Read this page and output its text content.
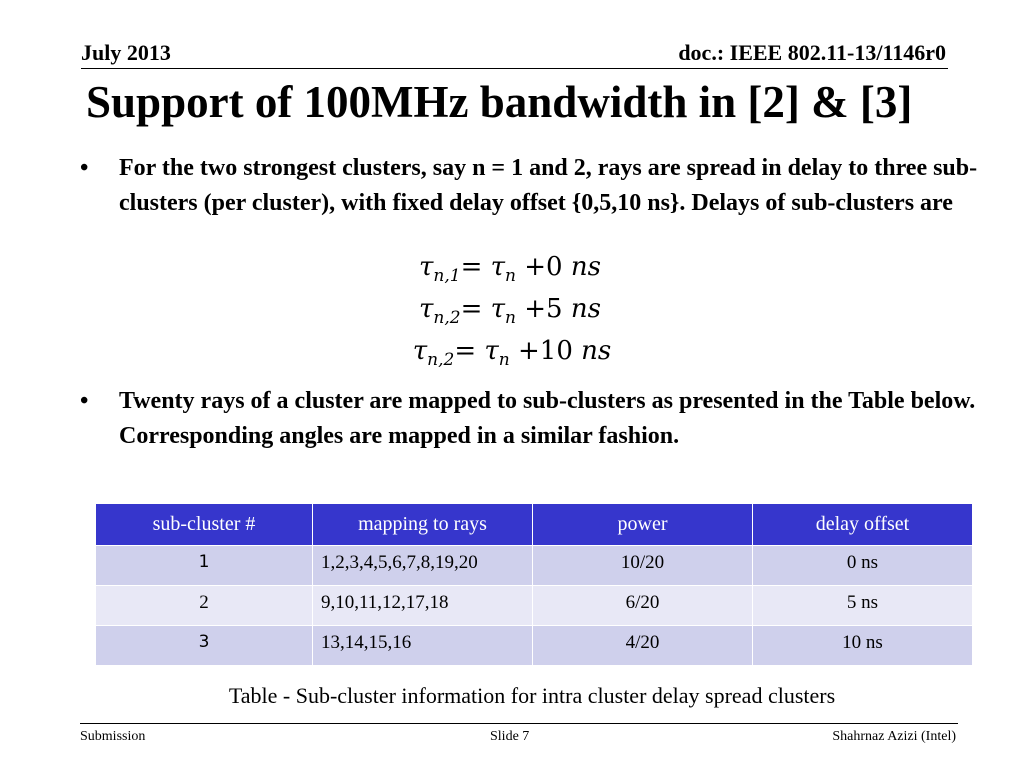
July 2013	doc.: IEEE 802.11-13/1146r0
Support of 100MHz bandwidth in [2] & [3]
• For the two strongest clusters, say n = 1 and 2, rays are spread in delay to three sub-clusters (per cluster), with fixed delay offset {0,5,10 ns}. Delays of sub-clusters are
$\tau_{n,1}= \tau_n +0$ ns
$\tau_{n,2}= \tau_n +5$ ns
$\tau_{n,2}= \tau_n +10$ ns
• Twenty rays of a cluster are mapped to sub-clusters as presented in the Table below. Corresponding angles are mapped in a similar fashion.
sub-cluster #	mapping to rays	power	delay offset
1	1,2,3,4,5,6,7,8,19,20	10/20	0 ns
2	9,10,11,12,17,18	6/20	5 ns
3	13,14,15,16	4/20	10 ns
Table - Sub-cluster information for intra cluster delay spread clusters
Submission	Slide 7	Shahrnaz Azizi (Intel)
